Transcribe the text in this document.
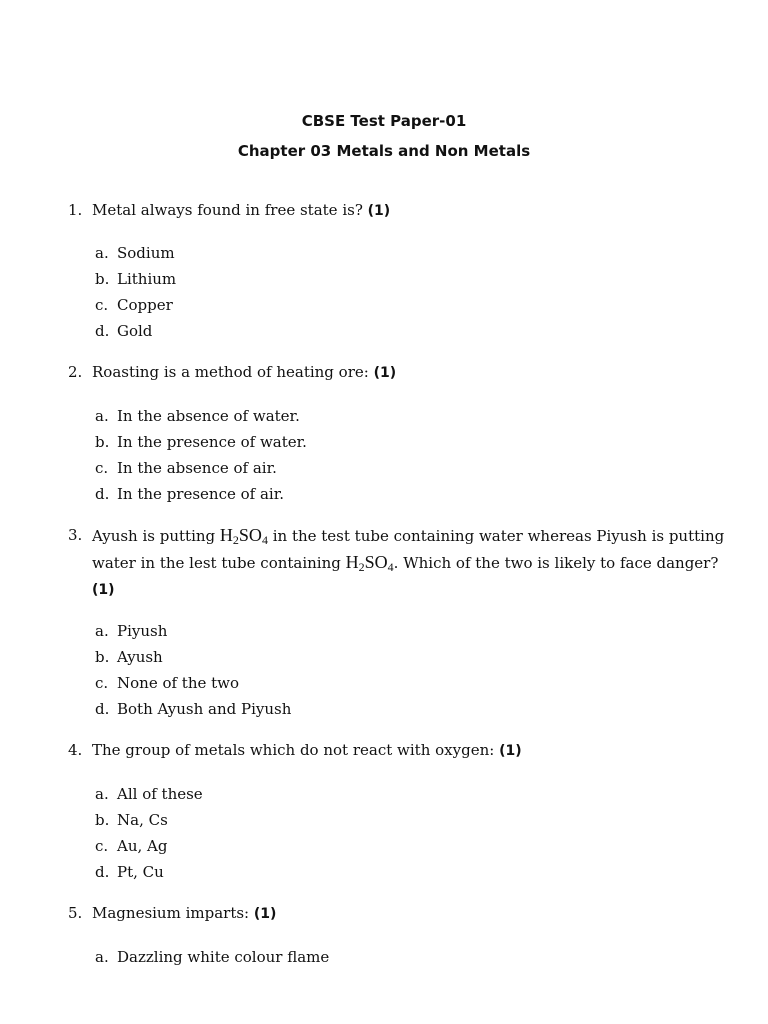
CBSE Test Paper-01
Chapter 03 Metals and Non Metals
1. Metal always found in free state is? (1)
a. Sodium
b. Lithium
c. Copper
d. Gold
2. Roasting is a method of heating ore: (1)
a. In the absence of water.
b. In the presence of water.
c. In the absence of air.
d. In the presence of air.
3. Ayush is putting $H_2SO_4$ in the test tube containing water whereas Piyush is putting water in the lest tube containing $H_2SO_4$. Which of the two is likely to face danger? (1)
a. Piyush
b. Ayush
c. None of the two
d. Both Ayush and Piyush
4. The group of metals which do not react with oxygen: (1)
a. All of these
b. Na, Cs
c. Au, Ag
d. Pt, Cu
5. Magnesium imparts: (1)
a. Dazzling white colour flame
